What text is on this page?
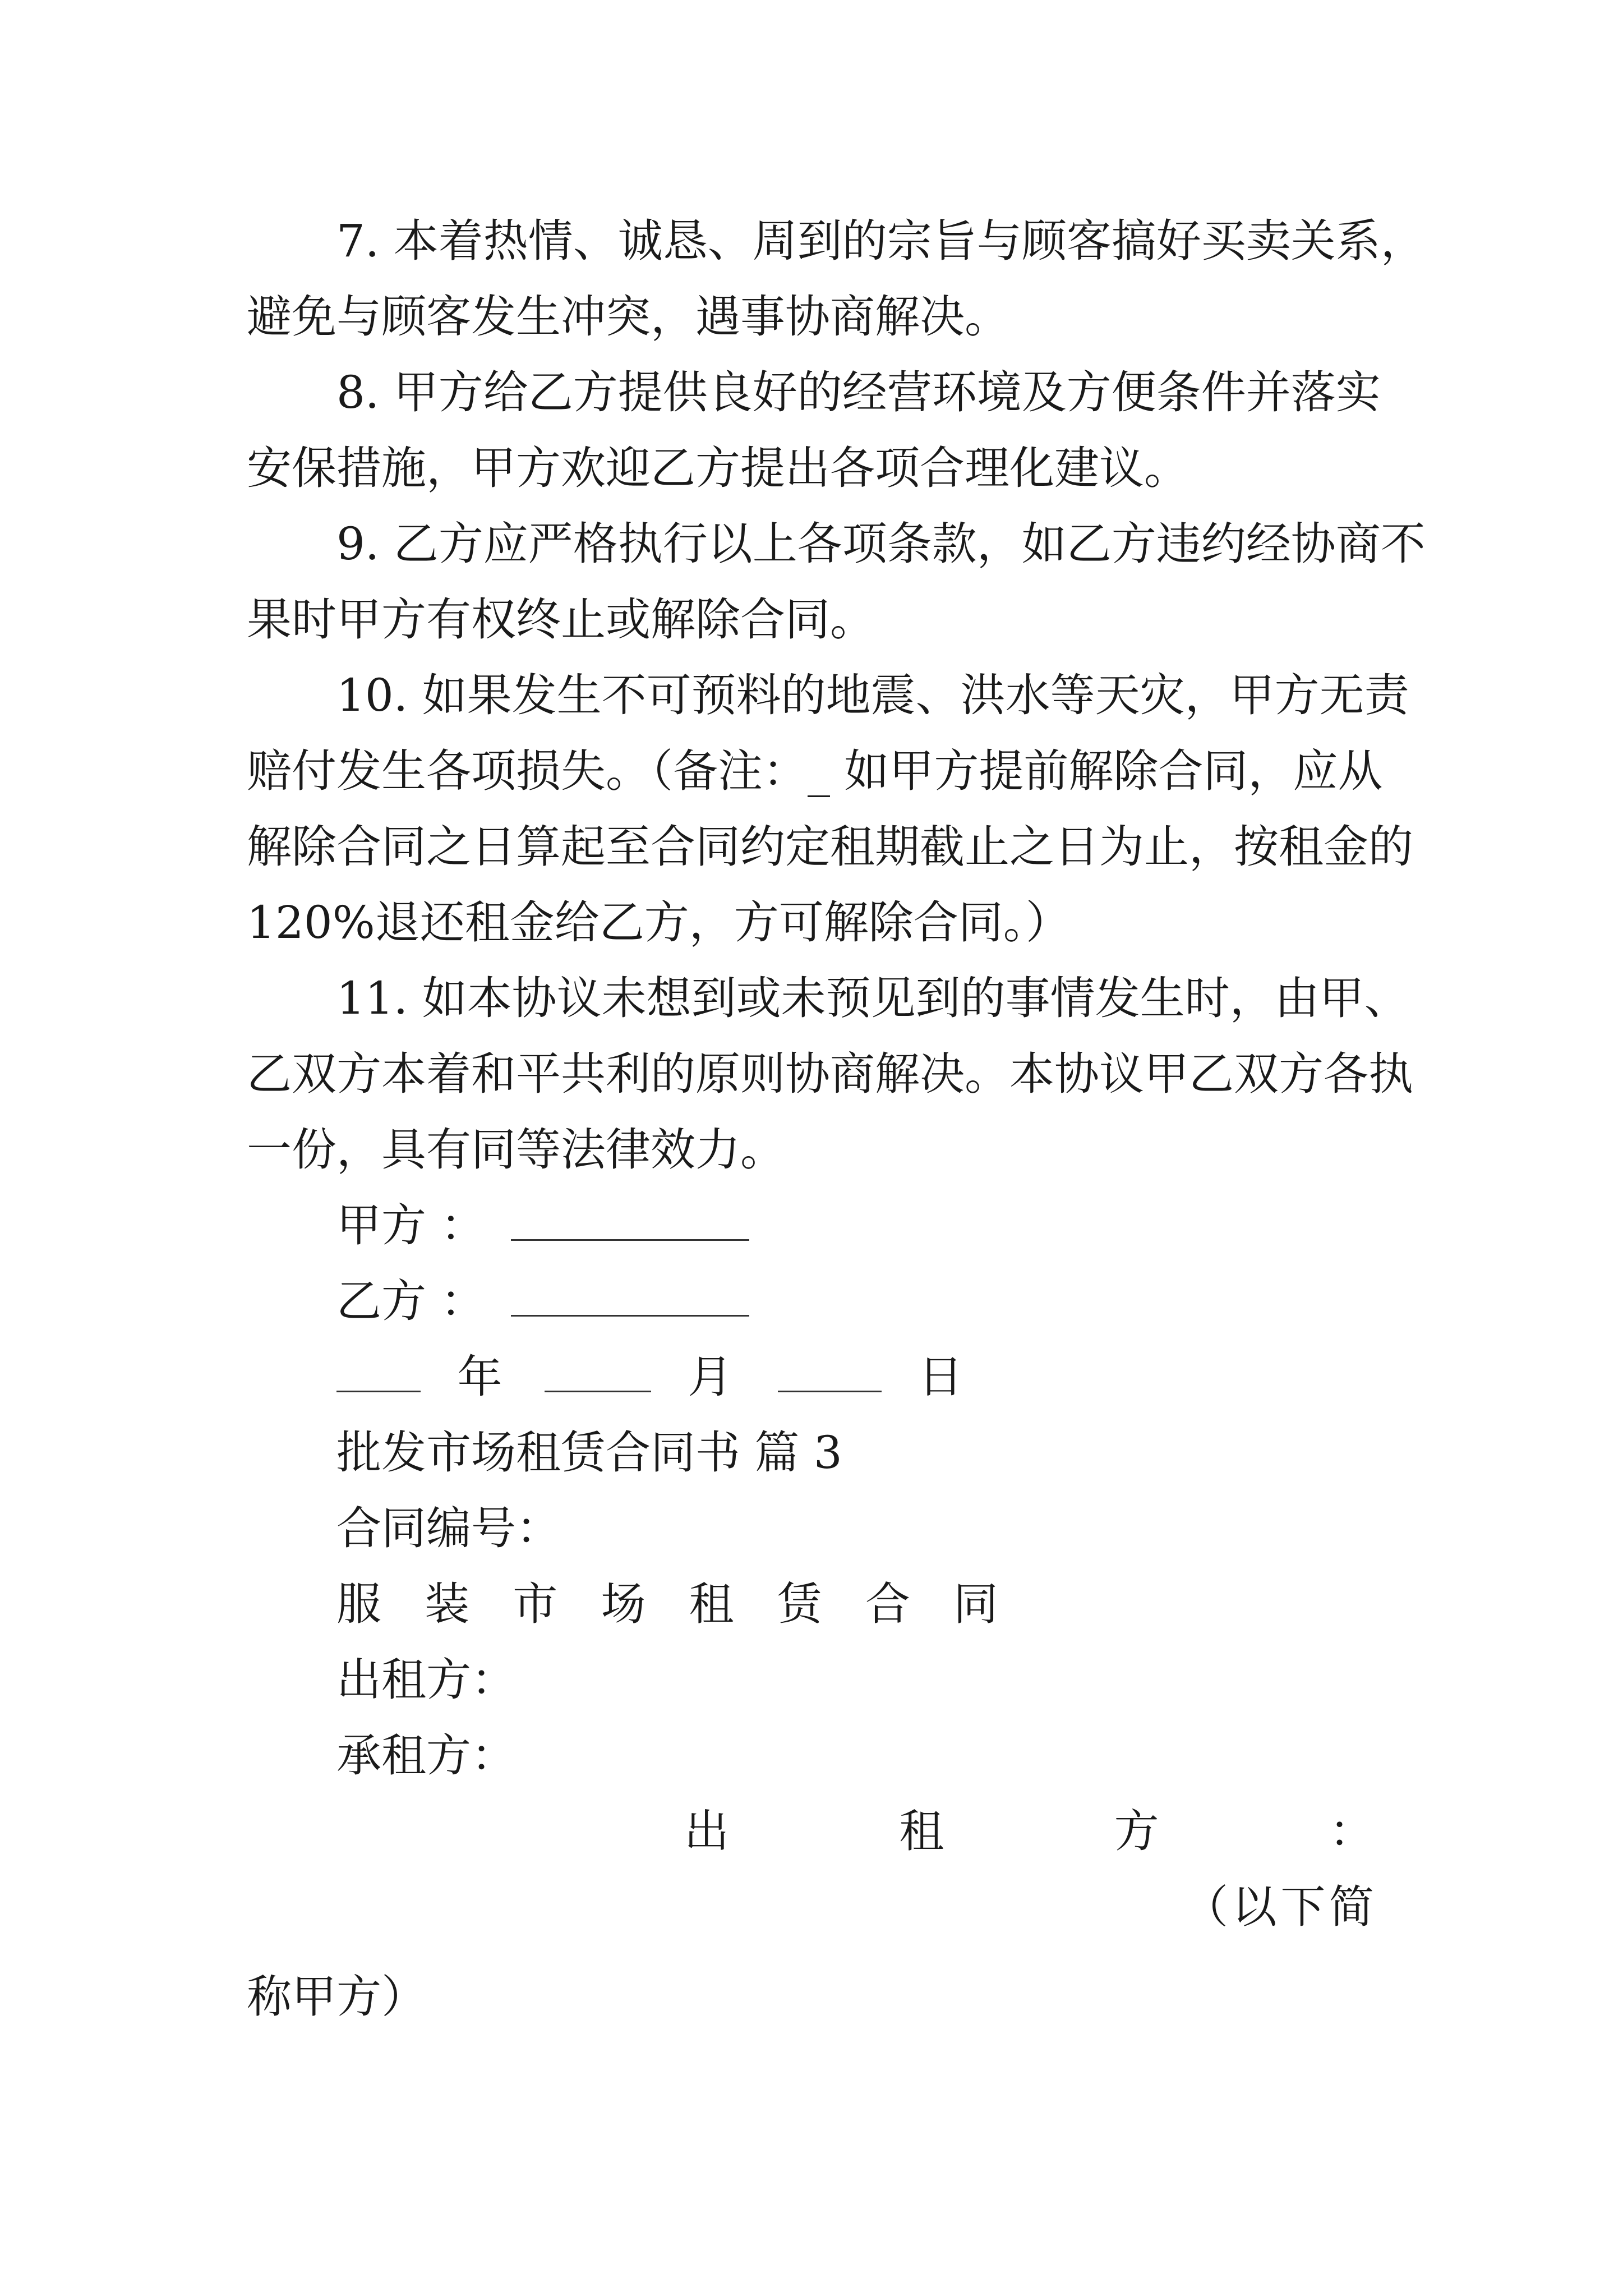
7. 本着热情、诚恳、周到的宗旨与顾客搞好买卖关系，
避免与顾客发生冲突，遇事协商解决。
8. 甲方给乙方提供良好的经营环境及方便条件并落实
安保措施，甲方欢迎乙方提出各项合理化建议。
9. 乙方应严格执行以上各项条款，如乙方违约经协商不
果时甲方有权终止或解除合同。
10. 如果发生不可预料的地震、洪水等天灾，甲方无责
赔付发生各项损失。（备注：_ 如甲方提前解除合同，应从
解除合同之日算起至合同约定租期截止之日为止，按租金的
120%退还租金给乙方，方可解除合同。）
11. 如本协议未想到或未预见到的事情发生时，由甲、
乙双方本着和平共利的原则协商解决。本协议甲乙双方各执
一份，具有同等法律效力。
甲方 ：
乙方 ：
年	月	日
批发市场租赁合同书 篇 3
合同编号：
服 装 市 场 租 赁 合 同
出租方：
承租方：
出	租	方	：
（ 以 下 简
称甲方）
